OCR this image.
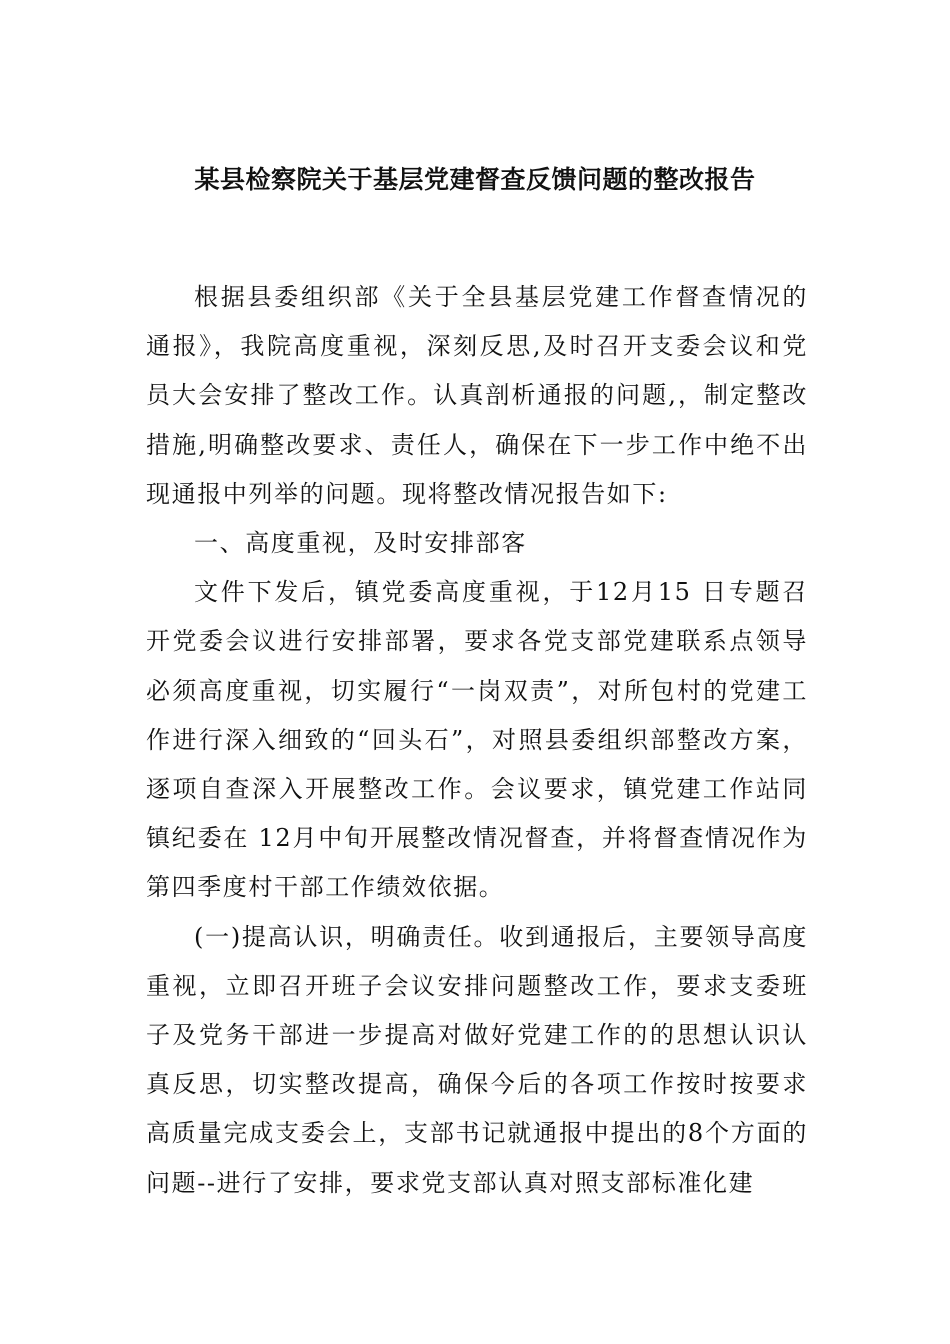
某县检察院关于基层党建督查反馈问题的整改报告

根据县委组织部《关于全县基层党建工作督查情况的通报》，我院高度重视，深刻反思,及时召开支委会议和党员大会安排了整改工作。认真剖析通报的问题,，制定整改措施,明确整改要求、责任人，确保在下一步工作中绝不出现通报中列举的问题。现将整改情况报告如下:

一、高度重视，及时安排部客

文件下发后，镇党委高度重视，于12月15 日专题召开党委会议进行安排部署，要求各党支部党建联系点领导必须高度重视，切实履行“一岗双责”，对所包村的党建工作进行深入细致的“回头石”，对照县委组织部整改方案，逐项自查深入开展整改工作。会议要求，镇党建工作站同镇纪委在 12月中旬开展整改情况督查，并将督查情况作为第四季度村干部工作绩效依据。

(一)提高认识，明确责任。收到通报后，主要领导高度重视，立即召开班子会议安排问题整改工作，要求支委班子及党务干部进一步提高对做好党建工作的的思想认识认真反思，切实整改提高，确保今后的各项工作按时按要求高质量完成支委会上，支部书记就通报中提出的8个方面的问题--进行了安排，要求党支部认真对照支部标准化建
